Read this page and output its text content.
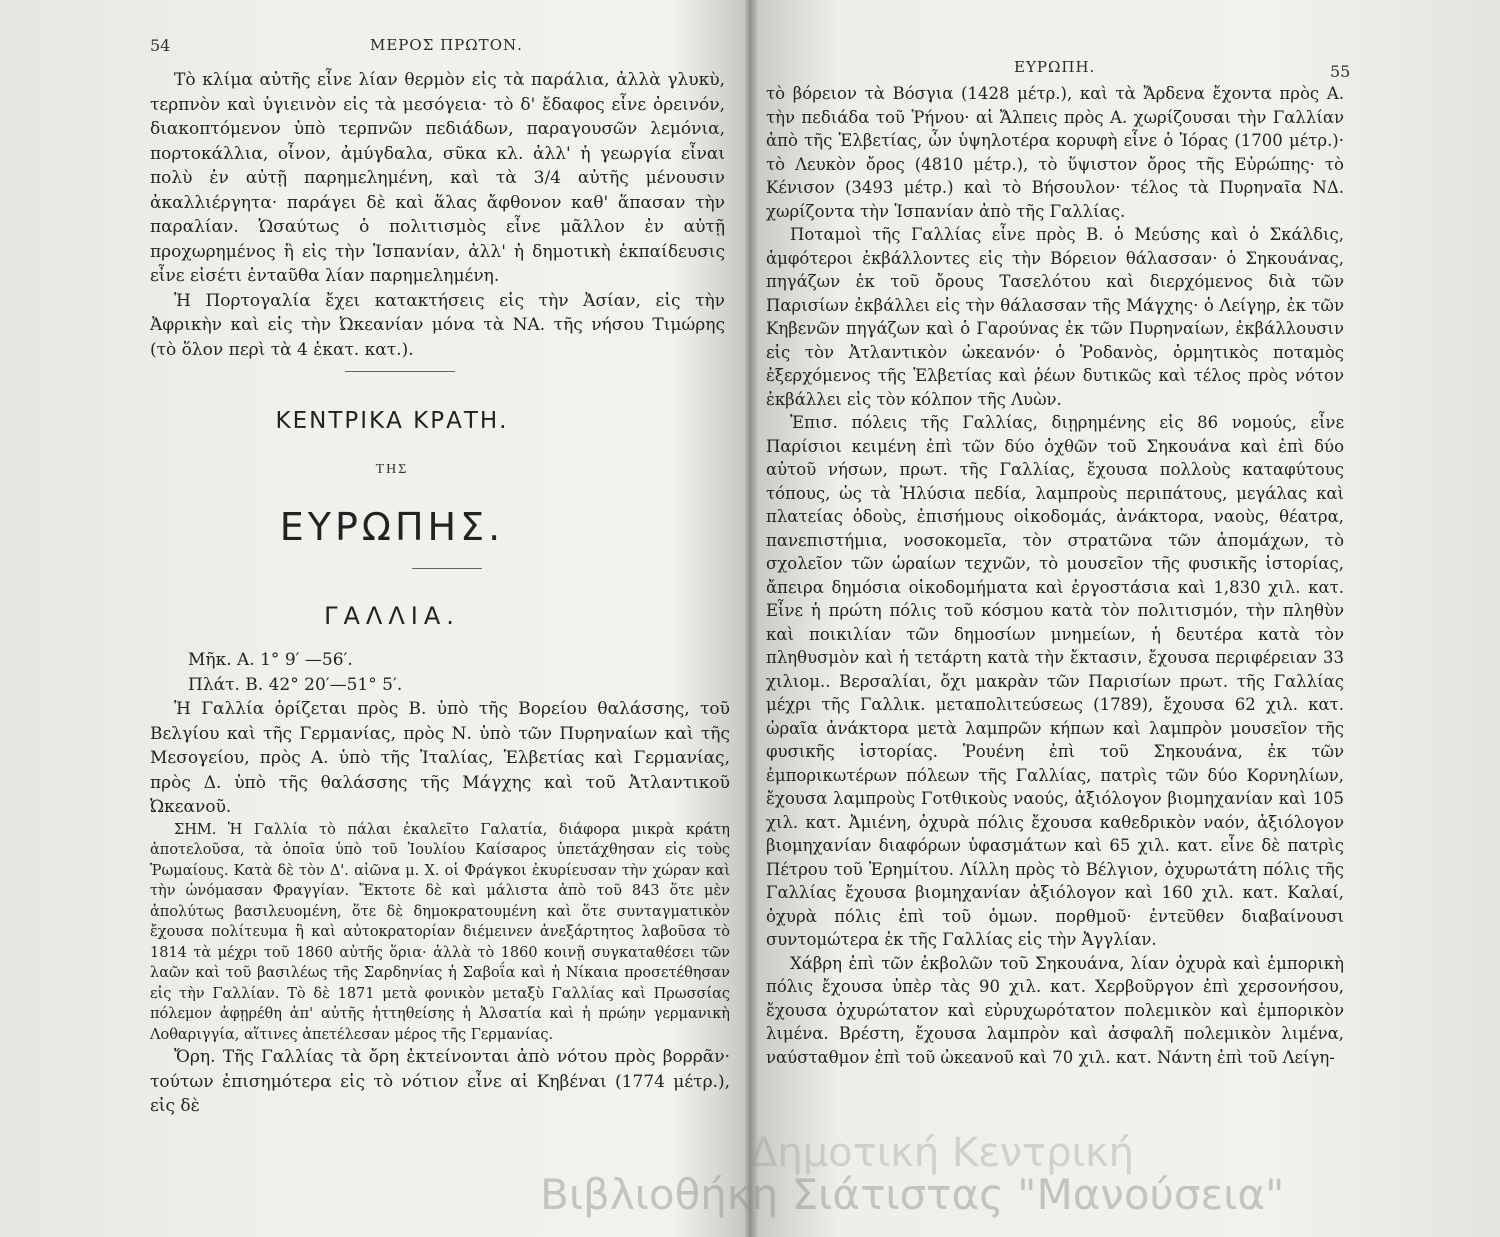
54	ΜΕΡΟΣ ΠΡΩΤΟΝ.

Τὸ κλίμα αὐτῆς εἶνε λίαν θερμὸν εἰς τὰ παράλια, ἀλλὰ γλυκὺ, τερπνὸν καὶ ὑγιεινὸν εἰς τὰ μεσόγεια· τὸ δ' ἔδαφος εἶνε ὀρεινόν, διακοπτόμενον ὑπὸ τερπνῶν πεδιάδων, παραγουσῶν λεμόνια, πορτοκάλλια, οἶνον, ἀμύγδαλα, σῦκα κλ. ἀλλ' ἡ γεωργία εἶναι πολὺ ἐν αὐτῇ παρημελημένη, καὶ τὰ 3/4 αὐτῆς μένουσιν ἀκαλλιέργητα· παράγει δὲ καὶ ἅλας ἄφθονον καθ' ἅπασαν τὴν παραλίαν. Ὡσαύτως ὁ πολιτισμὸς εἶνε μᾶλλον ἐν αὐτῇ προχωρημένος ἢ εἰς τὴν Ἱσπανίαν, ἀλλ' ἡ δημοτικὴ ἐκπαίδευσις εἶνε εἰσέτι ἐνταῦθα λίαν παρημελημένη.

Ἡ Πορτογαλία ἔχει κατακτήσεις εἰς τὴν Ἀσίαν, εἰς τὴν Ἀφρικὴν καὶ εἰς τὴν Ὠκεανίαν μόνα τὰ ΝΑ. τῆς νήσου Τιμώρης (τὸ ὅλον περὶ τὰ 4 ἑκατ. κατ.).

ΚΕΝΤΡΙΚΑ ΚΡΑΤΗ.
ΤΗΣ
ΕΥΡΩΠΗΣ.
ΓΑΛΛΙΑ.

Μῆκ. Α. 1° 9′ —56′.

Πλάτ. Β. 42° 20′—51° 5′.

Ἡ Γαλλία ὁρίζεται πρὸς Β. ὑπὸ τῆς Βορείου θαλάσσης, τοῦ Βελγίου καὶ τῆς Γερμανίας, πρὸς Ν. ὑπὸ τῶν Πυρηναίων καὶ τῆς Μεσογείου, πρὸς Α. ὑπὸ τῆς Ἰταλίας, Ἑλβετίας καὶ Γερμανίας, πρὸς Δ. ὑπὸ τῆς θαλάσσης τῆς Μάγχης καὶ τοῦ Ἀτλαντικοῦ Ὠκεανοῦ.

ΣΗΜ. Ἡ Γαλλία τὸ πάλαι ἐκαλεῖτο Γαλατία, διάφορα μικρὰ κράτη ἀποτελοῦσα, τὰ ὁποῖα ὑπὸ τοῦ Ἰουλίου Καίσαρος ὑπετάχθησαν εἰς τοὺς Ῥωμαίους. Κατὰ δὲ τὸν Δ'. αἰῶνα μ. Χ. οἱ Φράγκοι ἐκυρίευσαν τὴν χώραν καὶ τὴν ὠνόμασαν Φραγγίαν. Ἔκτοτε δὲ καὶ μάλιστα ἀπὸ τοῦ 843 ὅτε μὲν ἀπολύτως βασιλευομένη, ὅτε δὲ δημοκρατουμένη καὶ ὅτε συνταγματικὸν ἔχουσα πολίτευμα ἢ καὶ αὐτοκρατορίαν διέμεινεν ἀνεξάρτητος λαβοῦσα τὸ 1814 τὰ μέχρι τοῦ 1860 αὐτῆς ὅρια· ἀλλὰ τὸ 1860 κοινῇ συγκαταθέσει τῶν λαῶν καὶ τοῦ βασιλέως τῆς Σαρδηνίας ἡ Σαβοΐα καὶ ἡ Νίκαια προσετέθησαν εἰς τὴν Γαλλίαν. Τὸ δὲ 1871 μετὰ φονικὸν μεταξὺ Γαλλίας καὶ Πρωσσίας πόλεμον ἀφῃρέθη ἀπ' αὐτῆς ἡττηθείσης ἡ Ἀλσατία καὶ ἡ πρώην γερμανικὴ Λοθαριγγία, αἵτινες ἀπετέλεσαν μέρος τῆς Γερμανίας.

Ὄρη. Τῆς Γαλλίας τὰ ὄρη ἐκτείνονται ἀπὸ νότου πρὸς βορρᾶν· τούτων ἐπισημότερα εἰς τὸ νότιον εἶνε αἱ Κηβέναι (1774 μέτρ.), εἰς δὲ

ΕΥΡΩΠΗ.	55

τὸ βόρειον τὰ Βόσγια (1428 μέτρ.), καὶ τὰ Ἄρδενα ἔχοντα πρὸς Α. τὴν πεδιάδα τοῦ Ῥήνου· αἱ Ἄλπεις πρὸς Α. χωρίζουσαι τὴν Γαλλίαν ἀπὸ τῆς Ἑλβετίας, ὧν ὑψηλοτέρα κορυφὴ εἶνε ὁ Ἰόρας (1700 μέτρ.)· τὸ Λευκὸν ὄρος (4810 μέτρ.), τὸ ὕψιστον ὄρος τῆς Εὐρώπης· τὸ Κένισον (3493 μέτρ.) καὶ τὸ Βήσουλον· τέλος τὰ Πυρηναῖα ΝΔ. χωρίζοντα τὴν Ἱσπανίαν ἀπὸ τῆς Γαλλίας.

Ποταμοὶ τῆς Γαλλίας εἶνε πρὸς Β. ὁ Μεύσης καὶ ὁ Σκάλδις, ἀμφότεροι ἐκβάλλοντες εἰς τὴν Βόρειον θάλασσαν· ὁ Σηκουάνας, πηγάζων ἐκ τοῦ ὄρους Τασελότου καὶ διερχόμενος διὰ τῶν Παρισίων ἐκβάλλει εἰς τὴν θάλασσαν τῆς Μάγχης· ὁ Λείγηρ, ἐκ τῶν Κηβενῶν πηγάζων καὶ ὁ Γαρούνας ἐκ τῶν Πυρηναίων, ἐκβάλλουσιν εἰς τὸν Ἀτλαντικὸν ὠκεανόν· ὁ Ῥοδανὸς, ὁρμητικὸς ποταμὸς ἐξερχόμενος τῆς Ἑλβετίας καὶ ῥέων δυτικῶς καὶ τέλος πρὸς νότον ἐκβάλλει εἰς τὸν κόλπον τῆς Λυὼν.

Ἐπισ. πόλεις τῆς Γαλλίας, διῃρημένης εἰς 86 νομούς, εἶνε Παρίσιοι κειμένη ἐπὶ τῶν δύο ὀχθῶν τοῦ Σηκουάνα καὶ ἐπὶ δύο αὐτοῦ νήσων, πρωτ. τῆς Γαλλίας, ἔχουσα πολλοὺς καταφύτους τόπους, ὡς τὰ Ἠλύσια πεδία, λαμπροὺς περιπάτους, μεγάλας καὶ πλατείας ὁδοὺς, ἐπισήμους οἰκοδομάς, ἀνάκτορα, ναοὺς, θέατρα, πανεπιστήμια, νοσοκομεῖα, τὸν στρατῶνα τῶν ἀπομάχων, τὸ σχολεῖον τῶν ὡραίων τεχνῶν, τὸ μουσεῖον τῆς φυσικῆς ἱστορίας, ἄπειρα δημόσια οἰκοδομήματα καὶ ἐργοστάσια καὶ 1,830 χιλ. κατ. Εἶνε ἡ πρώτη πόλις τοῦ κόσμου κατὰ τὸν πολιτισμόν, τὴν πληθὺν καὶ ποικιλίαν τῶν δημοσίων μνημείων, ἡ δευτέρα κατὰ τὸν πληθυσμὸν καὶ ἡ τετάρτη κατὰ τὴν ἔκτασιν, ἔχουσα περιφέρειαν 33 χιλιομ.. Βερσαλίαι, ὄχι μακρὰν τῶν Παρισίων πρωτ. τῆς Γαλλίας μέχρι τῆς Γαλλικ. μεταπολιτεύσεως (1789), ἔχουσα 62 χιλ. κατ. ὡραῖα ἀνάκτορα μετὰ λαμπρῶν κήπων καὶ λαμπρὸν μουσεῖον τῆς φυσικῆς ἱστορίας. Ῥουένη ἐπὶ τοῦ Σηκουάνα, ἐκ τῶν ἐμπορικωτέρων πόλεων τῆς Γαλλίας, πατρὶς τῶν δύο Κορνηλίων, ἔχουσα λαμπροὺς Γοτθικοὺς ναούς, ἀξιόλογον βιομηχανίαν καὶ 105 χιλ. κατ. Ἀμιένη, ὀχυρὰ πόλις ἔχουσα καθεδρικὸν ναόν, ἀξιόλογον βιομηχανίαν διαφόρων ὑφασμάτων καὶ 65 χιλ. κατ. εἶνε δὲ πατρὶς Πέτρου τοῦ Ἐρημίτου. Λίλλη πρὸς τὸ Βέλγιον, ὀχυρωτάτη πόλις τῆς Γαλλίας ἔχουσα βιομηχανίαν ἀξιόλογον καὶ 160 χιλ. κατ. Καλαί, ὀχυρὰ πόλις ἐπὶ τοῦ ὁμων. πορθμοῦ· ἐντεῦθεν διαβαίνουσι συντομώτερα ἐκ τῆς Γαλλίας εἰς τὴν Ἀγγλίαν.

Χάβρη ἐπὶ τῶν ἐκβολῶν τοῦ Σηκουάνα, λίαν ὀχυρὰ καὶ ἐμπορικὴ πόλις ἔχουσα ὑπὲρ τὰς 90 χιλ. κατ. Χερβοῦργον ἐπὶ χερσονήσου, ἔχουσα ὀχυρώτατον καὶ εὐρυχωρότατον πολεμικὸν καὶ ἐμπορικὸν λιμένα. Βρέστη, ἔχουσα λαμπρὸν καὶ ἀσφαλῆ πολεμικὸν λιμένα, ναύσταθμον ἐπὶ τοῦ ὠκεανοῦ καὶ 70 χιλ. κατ. Νάντη ἐπὶ τοῦ Λείγη-

Δημοτική Κεντρική
Βιβλιοθήκη Σιάτιστας "Μανούσεια"
